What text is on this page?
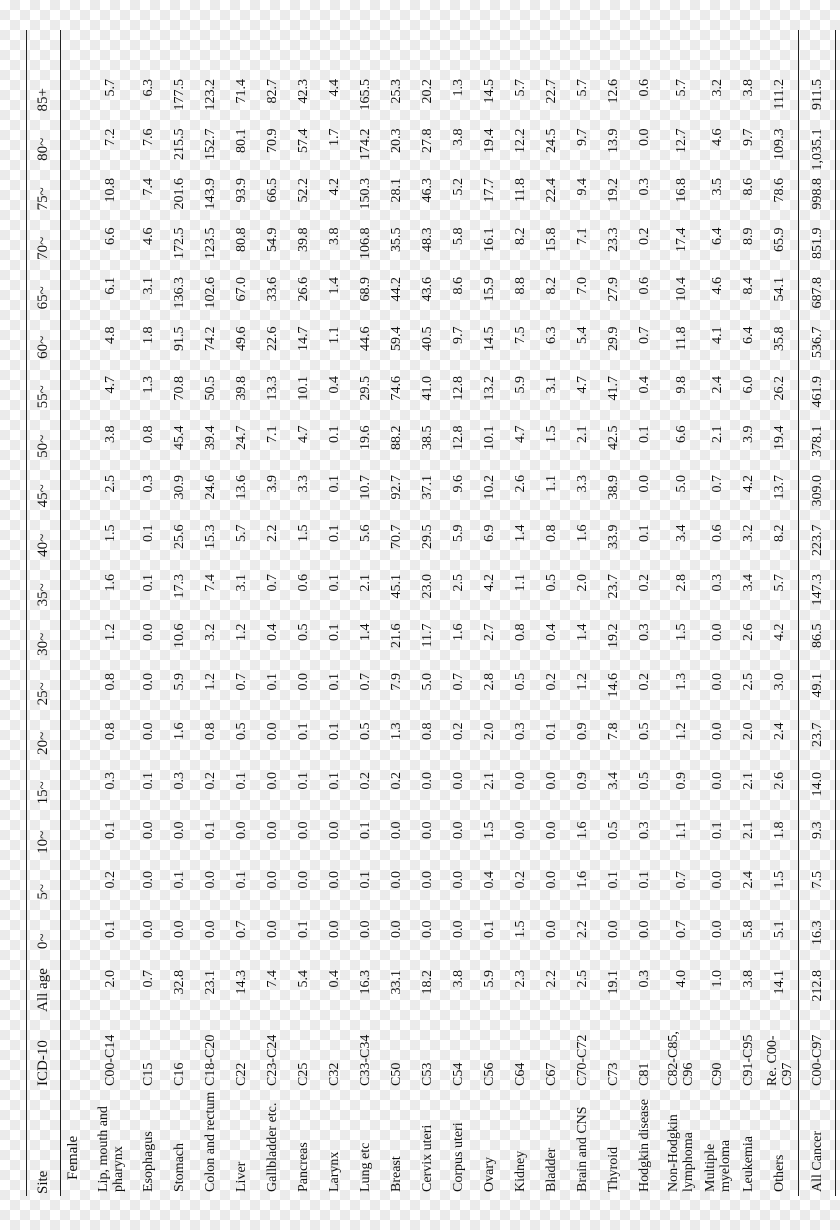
Site
ICD-10
All age
0~
5~
10~
15~
20~
25~
30~
35~
40~
45~
50~
55~
60~
65~
70~
75~
80~
85+
Female	Lip, mouth and pharynx
C00-C14
2.0
0.1
0.2
0.1
0.3
0.8
0.8
1.2
1.6
1.5
2.5
3.8
4.7
4.8
6.1
6.6
10.8
7.2
5.7
Esophagus
C15
0.7
0.0
0.0
0.0
0.1
0.0
0.0
0.0
0.1
0.1
0.3
0.8
1.3
1.8
3.1
4.6
7.4
7.6
6.3
Stomach
C16
32.8
0.0
0.1
0.0
0.3
1.6
5.9
10.6
17.3
25.6
30.9
45.4
70.8
91.5
136.3
172.5
201.6
215.5
177.5
Colon and rectum
C18-C20
23.1
0.0
0.0
0.1
0.2
0.8
1.2
3.2
7.4
15.3
24.6
39.4
50.5
74.2
102.6
123.5
143.9
152.7
123.2
Liver
C22
14.3
0.7
0.1
0.0
0.1
0.5
0.7
1.2
3.1
5.7
13.6
24.7
39.8
49.6
67.0
80.8
93.9
80.1
71.4
Gallbladder etc.
C23-C24
7.4
0.0
0.0
0.0
0.0
0.0
0.1
0.4
0.7
2.2
3.9
7.1
13.3
22.6
33.6
54.9
66.5
70.9
82.7
Pancreas
C25
5.4
0.1
0.0
0.0
0.1
0.1
0.0
0.5
0.6
1.5
3.3
4.7
10.1
14.7
26.6
39.8
52.2
57.4
42.3
Larynx
C32
0.4
0.0
0.0
0.0
0.1
0.1
0.1
0.1
0.1
0.1
0.1
0.1
0.4
1.1
1.4
3.8
4.2
1.7
4.4
Lung etc
C33-C34
16.3
0.0
0.1
0.1
0.2
0.5
0.7
1.4
2.1
5.6
10.7
19.6
29.5
44.6
68.9
106.8
150.3
174.2
165.5
Breast
C50
33.1
0.0
0.0
0.0
0.2
1.3
7.9
21.6
45.1
70.7
92.7
88.2
74.6
59.4
44.2
35.5
28.1
20.3
25.3
Cervix uteri
C53
18.2
0.0
0.0
0.0
0.0
0.8
5.0
11.7
23.0
29.5
37.1
38.5
41.0
40.5
43.6
48.3
46.3
27.8
20.2
Corpus uteri
C54
3.8
0.0
0.0
0.0
0.0
0.2
0.7
1.6
2.5
5.9
9.6
12.8
12.8
9.7
8.6
5.8
5.2
3.8
1.3
Ovary
C56
5.9
0.1
0.4
1.5
2.1
2.0
2.8
2.7
4.2
6.9
10.2
10.1
13.2
14.5
15.9
16.1
17.7
19.4
14.5
Kidney
C64
2.3
1.5
0.2
0.0
0.0
0.3
0.5
0.8
1.1
1.4
2.6
4.7
5.9
7.5
8.8
8.2
11.8
12.2
5.7
Bladder
C67
2.2
0.0
0.0
0.0
0.0
0.1
0.2
0.4
0.5
0.8
1.1
1.5
3.1
6.3
8.2
15.8
22.4
24.5
22.7
Brain and CNS
C70-C72
2.5
2.2
1.6
1.6
0.9
0.9
1.2
1.4
2.0
1.6
3.3
2.1
4.7
5.4
7.0
7.1
9.4
9.7
5.7
Thyroid
C73
19.1
0.0
0.1
0.5
3.4
7.8
14.6
19.2
23.7
33.9
38.9
42.5
41.7
29.9
27.9
23.3
19.2
13.9
12.6
Hodgkin disease
C81
0.3
0.0
0.1
0.3
0.5
0.5
0.2
0.3
0.2
0.1
0.0
0.1
0.4
0.7
0.6
0.2
0.3
0.0
0.6
Non-Hodgkin lymphoma
C82-C85, C96
4.0
0.7
0.7
1.1
0.9
1.2
1.3
1.5
2.8
3.4
5.0
6.6
9.8
11.8
10.4
17.4
16.8
12.7
5.7
Multiple myeloma
C90
1.0
0.0
0.0
0.1
0.0
0.0
0.0
0.0
0.3
0.6
0.7
2.1
2.4
4.1
4.6
6.4
3.5
4.6
3.2
Leukemia
C91-C95
3.8
5.8
2.4
2.1
2.1
2.0
2.5
2.6
3.4
3.2
4.2
3.9
6.0
6.4
8.4
8.9
8.6
9.7
3.8
Others
Re. C00-C97
14.1
5.1
1.5
1.8
2.6
2.4
3.0
4.2
5.7
8.2
13.7
19.4
26.2
35.8
54.1
65.9
78.6
109.3
111.2
All Cancer
C00-C97
212.8
16.3
7.5
9.3
14.0
23.7
49.1
86.5
147.3
223.7
309.0
378.1
461.9
536.7
687.8
851.9
998.8
1,035.1
911.5
